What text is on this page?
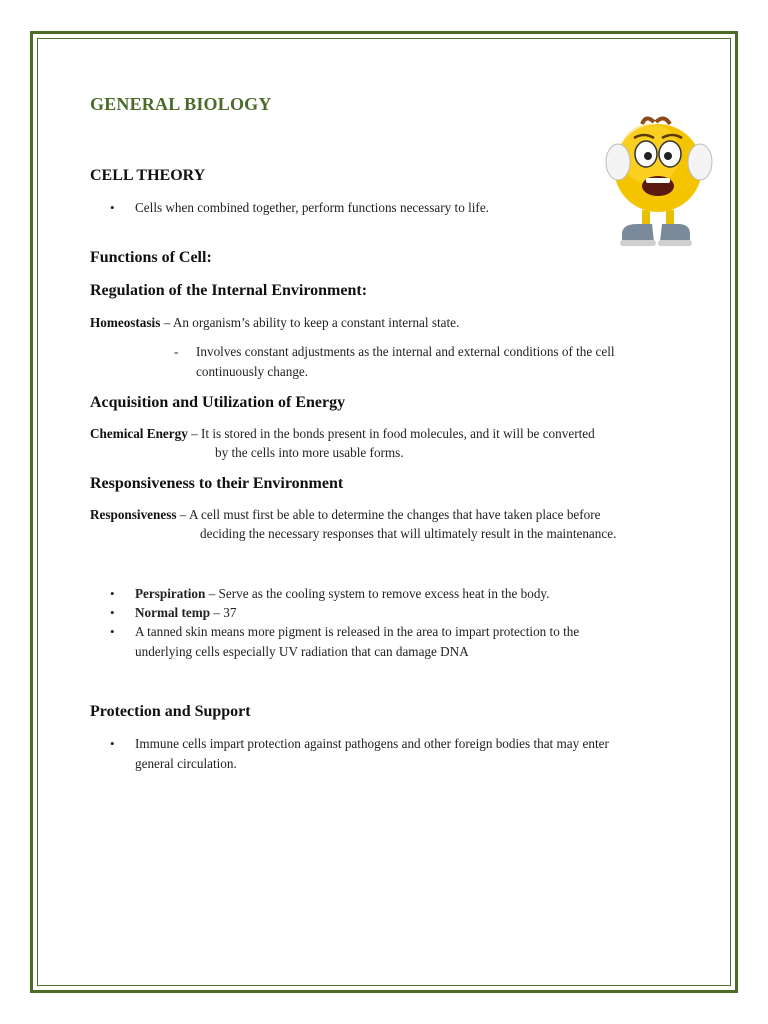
GENERAL BIOLOGY
CELL THEORY
•	Cells when combined together, perform functions necessary to life.
Functions of Cell:
Regulation of the Internal Environment:

Homeostasis – An organism’s ability to keep a constant internal state.

-	Involves constant adjustments as the internal and external conditions of the cell
continuously change.
Acquisition and Utilization of Energy

Chemical Energy – It is stored in the bonds present in food molecules, and it will be converted

by the cells into more usable forms.
Responsiveness to their Environment

Responsiveness – A cell must first be able to determine the changes that have taken place before

deciding the necessary responses that will ultimately result in the maintenance.
•	Perspiration – Serve as the cooling system to remove excess heat in the body.
•	Normal temp – 37
•	A tanned skin means more pigment is released in the area to impart protection to the
underlying cells especially UV radiation that can damage DNA
Protection and Support
•	Immune cells impart protection against pathogens and other foreign bodies that may enter
general circulation.
